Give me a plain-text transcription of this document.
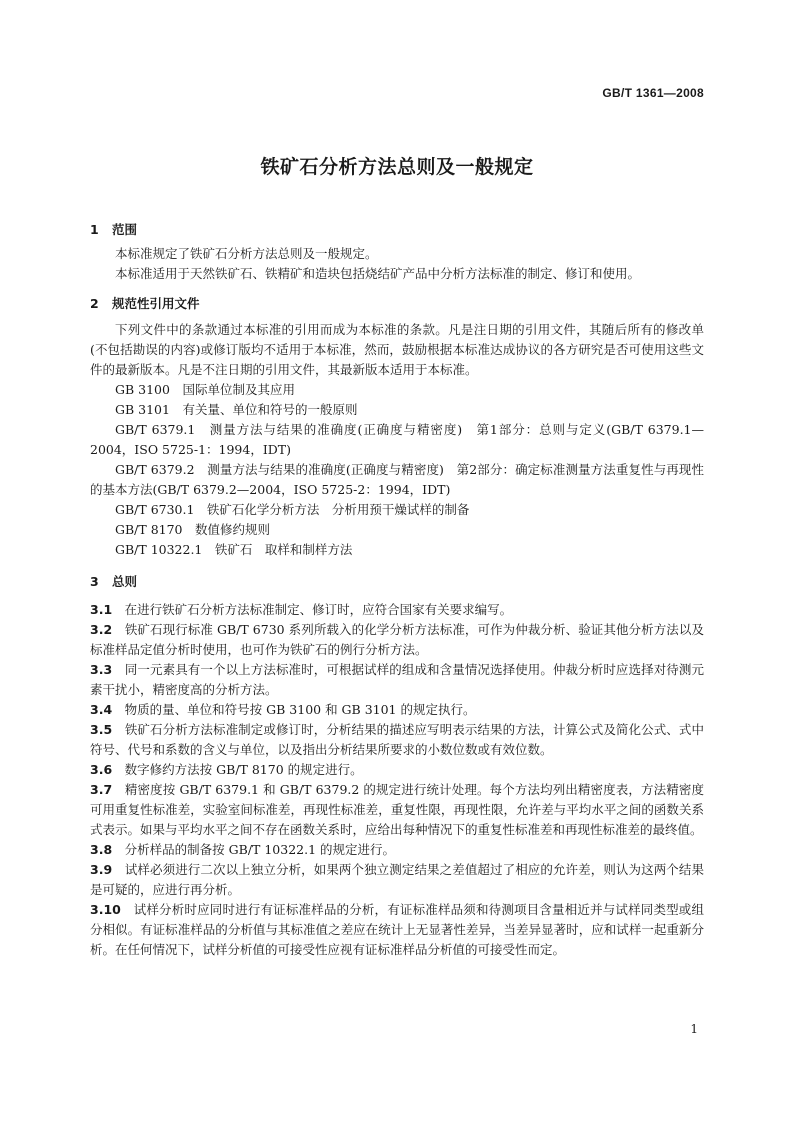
GB/T 1361—2008
铁矿石分析方法总则及一般规定
1 范围

本标准规定了铁矿石分析方法总则及一般规定。

本标准适用于天然铁矿石、铁精矿和造块包括烧结矿产品中分析方法标准的制定、修订和使用。

2 规范性引用文件

下列文件中的条款通过本标准的引用而成为本标准的条款。凡是注日期的引用文件，其随后所有的修改单(不包括勘误的内容)或修订版均不适用于本标准，然而，鼓励根据本标准达成协议的各方研究是否可使用这些文件的最新版本。凡是不注日期的引用文件，其最新版本适用于本标准。

GB 3100　国际单位制及其应用

GB 3101　有关量、单位和符号的一般原则

GB/T 6379.1　测量方法与结果的准确度(正确度与精密度)　第1部分：总则与定义(GB/T 6379.1—2004，ISO 5725-1：1994，IDT)

GB/T 6379.2　测量方法与结果的准确度(正确度与精密度)　第2部分：确定标准测量方法重复性与再现性的基本方法(GB/T 6379.2—2004，ISO 5725-2：1994，IDT)

GB/T 6730.1　铁矿石化学分析方法　分析用预干燥试样的制备

GB/T 8170　数值修约规则

GB/T 10322.1　铁矿石　取样和制样方法

3 总则

3.1　 在进行铁矿石分析方法标准制定、修订时，应符合国家有关要求编写。

3.2　 铁矿石现行标准 GB/T 6730 系列所载入的化学分析方法标准，可作为仲裁分析、验证其他分析方法以及标准样品定值分析时使用，也可作为铁矿石的例行分析方法。

3.3　 同一元素具有一个以上方法标准时，可根据试样的组成和含量情况选择使用。仲裁分析时应选择对待测元素干扰小，精密度高的分析方法。

3.4　 物质的量、单位和符号按 GB 3100 和 GB 3101 的规定执行。

3.5　 铁矿石分析方法标准制定或修订时，分析结果的描述应写明表示结果的方法，计算公式及简化公式、式中符号、代号和系数的含义与单位，以及指出分析结果所要求的小数位数或有效位数。

3.6　 数字修约方法按 GB/T 8170 的规定进行。

3.7　 精密度按 GB/T 6379.1 和 GB/T 6379.2 的规定进行统计处理。每个方法均列出精密度表，方法精密度可用重复性标准差，实验室间标准差，再现性标准差，重复性限，再现性限，允许差与平均水平之间的函数关系式表示。如果与平均水平之间不存在函数关系时，应给出每种情况下的重复性标准差和再现性标准差的最终值。

3.8　 分析样品的制备按 GB/T 10322.1 的规定进行。

3.9　 试样必须进行二次以上独立分析，如果两个独立测定结果之差值超过了相应的允许差，则认为这两个结果是可疑的，应进行再分析。

3.10　 试样分析时应同时进行有证标准样品的分析，有证标准样品须和待测项目含量相近并与试样同类型或组分相似。有证标准样品的分析值与其标准值之差应在统计上无显著性差异，当差异显著时，应和试样一起重新分析。在任何情况下，试样分析值的可接受性应视有证标准样品分析值的可接受性而定。

1
